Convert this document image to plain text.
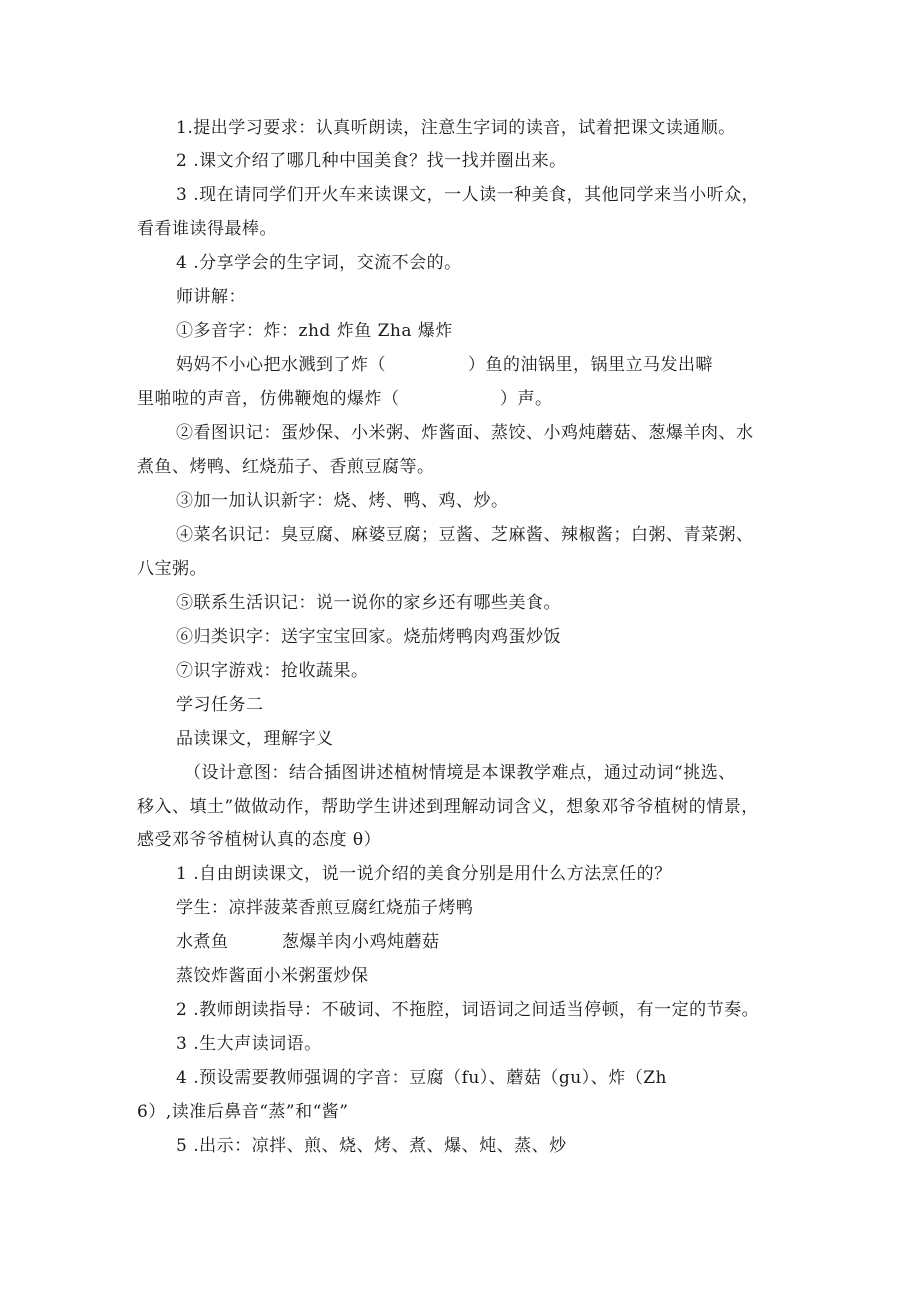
1.提出学习要求：认真听朗读，注意生字词的读音，试着把课文读通顺。
2 .课文介绍了哪几种中国美食？找一找并圈出来。
3 .现在请同学们开火车来读课文，一人读一种美食，其他同学来当小听众，
看看谁读得最棒。
4 .分享学会的生字词，交流不会的。
师讲解：
①多音字：炸：zhd 炸鱼 Zha 爆炸
妈妈不小心把水溅到了炸（	）鱼的油锅里，锅里立马发出噼
里啪啦的声音，仿佛鞭炮的爆炸（	）声。
②看图识记：蛋炒保、小米粥、炸酱面、蒸饺、小鸡炖蘑菇、葱爆羊肉、水
煮鱼、烤鸭、红烧茄子、香煎豆腐等。
③加一加认识新字：烧、烤、鸭、鸡、炒。
④菜名识记：臭豆腐、麻婆豆腐；豆酱、芝麻酱、辣椒酱；白粥、青菜粥、
八宝粥。
⑤联系生活识记：说一说你的家乡还有哪些美食。
⑥归类识字：送字宝宝回家。烧茄烤鸭肉鸡蛋炒饭
⑦识字游戏：抢收蔬果。
学习任务二
品读课文，理解字义
（设计意图：结合插图讲述植树情境是本课教学难点，通过动词“挑选、
移入、填土”做做动作，帮助学生讲述到理解动词含义，想象邓爷爷植树的情景，
感受邓爷爷植树认真的态度 θ）
1 .自由朗读课文，说一说介绍的美食分别是用什么方法烹任的？
学生：凉拌菠菜香煎豆腐红烧茄子烤鸭
水煮鱼	葱爆羊肉小鸡炖蘑菇
蒸饺炸酱面小米粥蛋炒保
2 .教师朗读指导：不破词、不拖腔，词语词之间适当停顿，有一定的节奏。
3 .生大声读词语。
4 .预设需要教师强调的字音：豆腐（fu）、蘑菇（gu）、炸（Zh
6）,读准后鼻音“蒸”和“酱”
5 .出示：凉拌、煎、烧、烤、煮、爆、炖、蒸、炒
